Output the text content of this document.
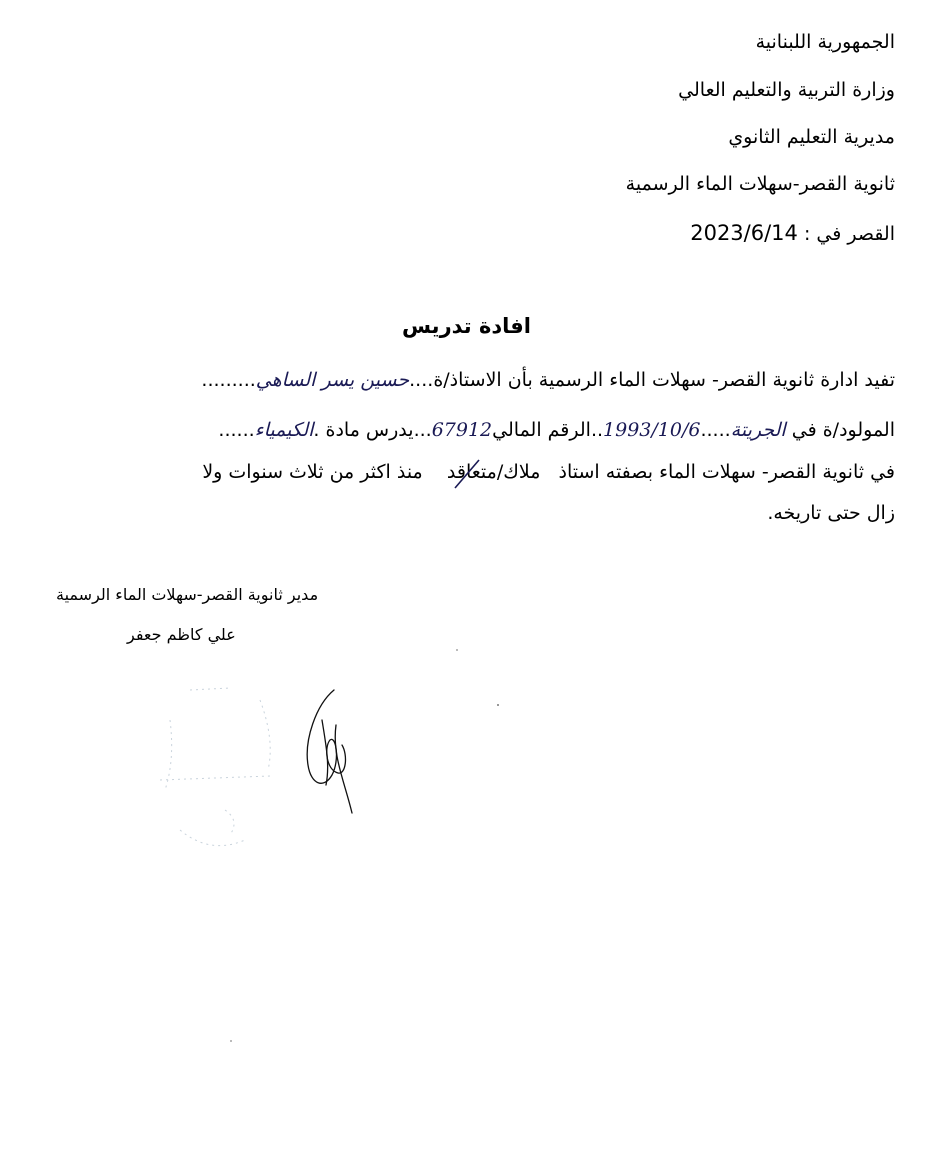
الجمهورية اللبنانية
وزارة التربية والتعليم العالي
مديرية التعليم الثانوي
ثانوية القصر-سهلات الماء الرسمية
القصر في : 2023/6/14
افادة تدريس
تفيد ادارة ثانوية القصر- سهلات الماء الرسمية بأن الاستاذ/ة....حسين يسر الساهي.........
المولود/ة في الجريتة.....1993/10/6..الرقم المالي67912...يدرس مادة .الكيمياء......
في ثانوية القصر- سهلات الماء بصفته استاذ   ملاك/متعاقد
منذ اكثر من ثلاث سنوات ولا
زال حتى تاريخه.
مدير ثانوية القصر-سهلات الماء الرسمية
علي كاظم جعفر
